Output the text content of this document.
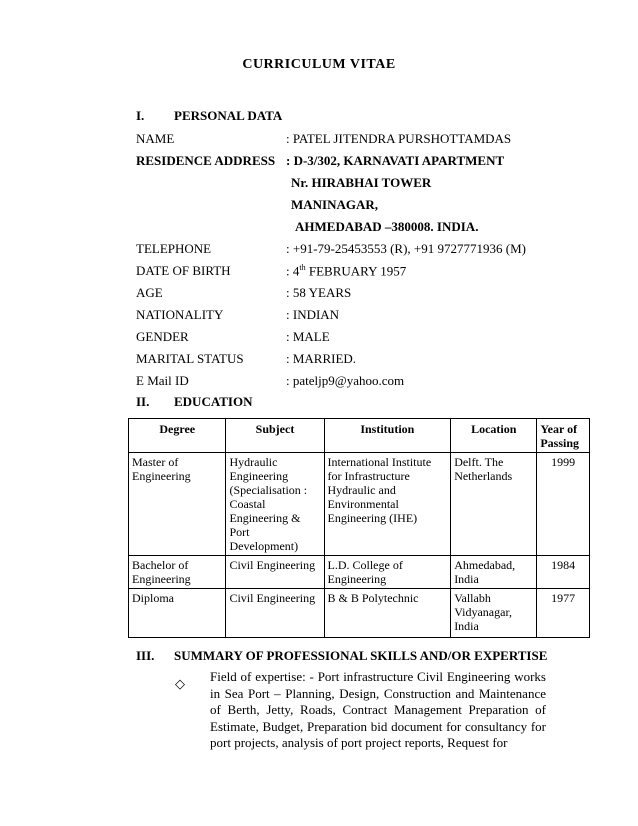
CURRICULUM VITAE
I. PERSONAL DATA
NAME	: PATEL JITENDRA PURSHOTTAMDAS
RESIDENCE ADDRESS : D-3/302, KARNAVATI APARTMENT
Nr. HIRABHAI TOWER
MANINAGAR,
AHMEDABAD –380008. INDIA.
TELEPHONE	: +91-79-25453553 (R), +91 9727771936 (M)
DATE OF BIRTH	: 4th FEBRUARY 1957
AGE	: 58 YEARS
NATIONALITY	: INDIAN
GENDER	: MALE
MARITAL STATUS	: MARRIED.
E Mail ID	: pateljp9@yahoo.com
II. EDUCATION
Degree	Subject	Institution	Location	Year of Passing
Master of Engineering	Hydraulic Engineering (Specialisation : Coastal Engineering & Port Development)	International Institute for Infrastructure Hydraulic and Environmental Engineering (IHE)	Delft. The Netherlands	1999
Bachelor of Engineering	Civil Engineering	L.D. College of Engineering	Ahmedabad, India	1984
Diploma	Civil Engineering	B & B Polytechnic	Vallabh Vidyanagar, India	1977
III. SUMMARY OF PROFESSIONAL SKILLS AND/OR EXPERTISE
◇ Field of expertise: - Port infrastructure Civil Engineering works in Sea Port – Planning, Design, Construction and Maintenance of Berth, Jetty, Roads, Contract Management Preparation of Estimate, Budget, Preparation bid document for consultancy for port projects, analysis of port project reports, Request for
